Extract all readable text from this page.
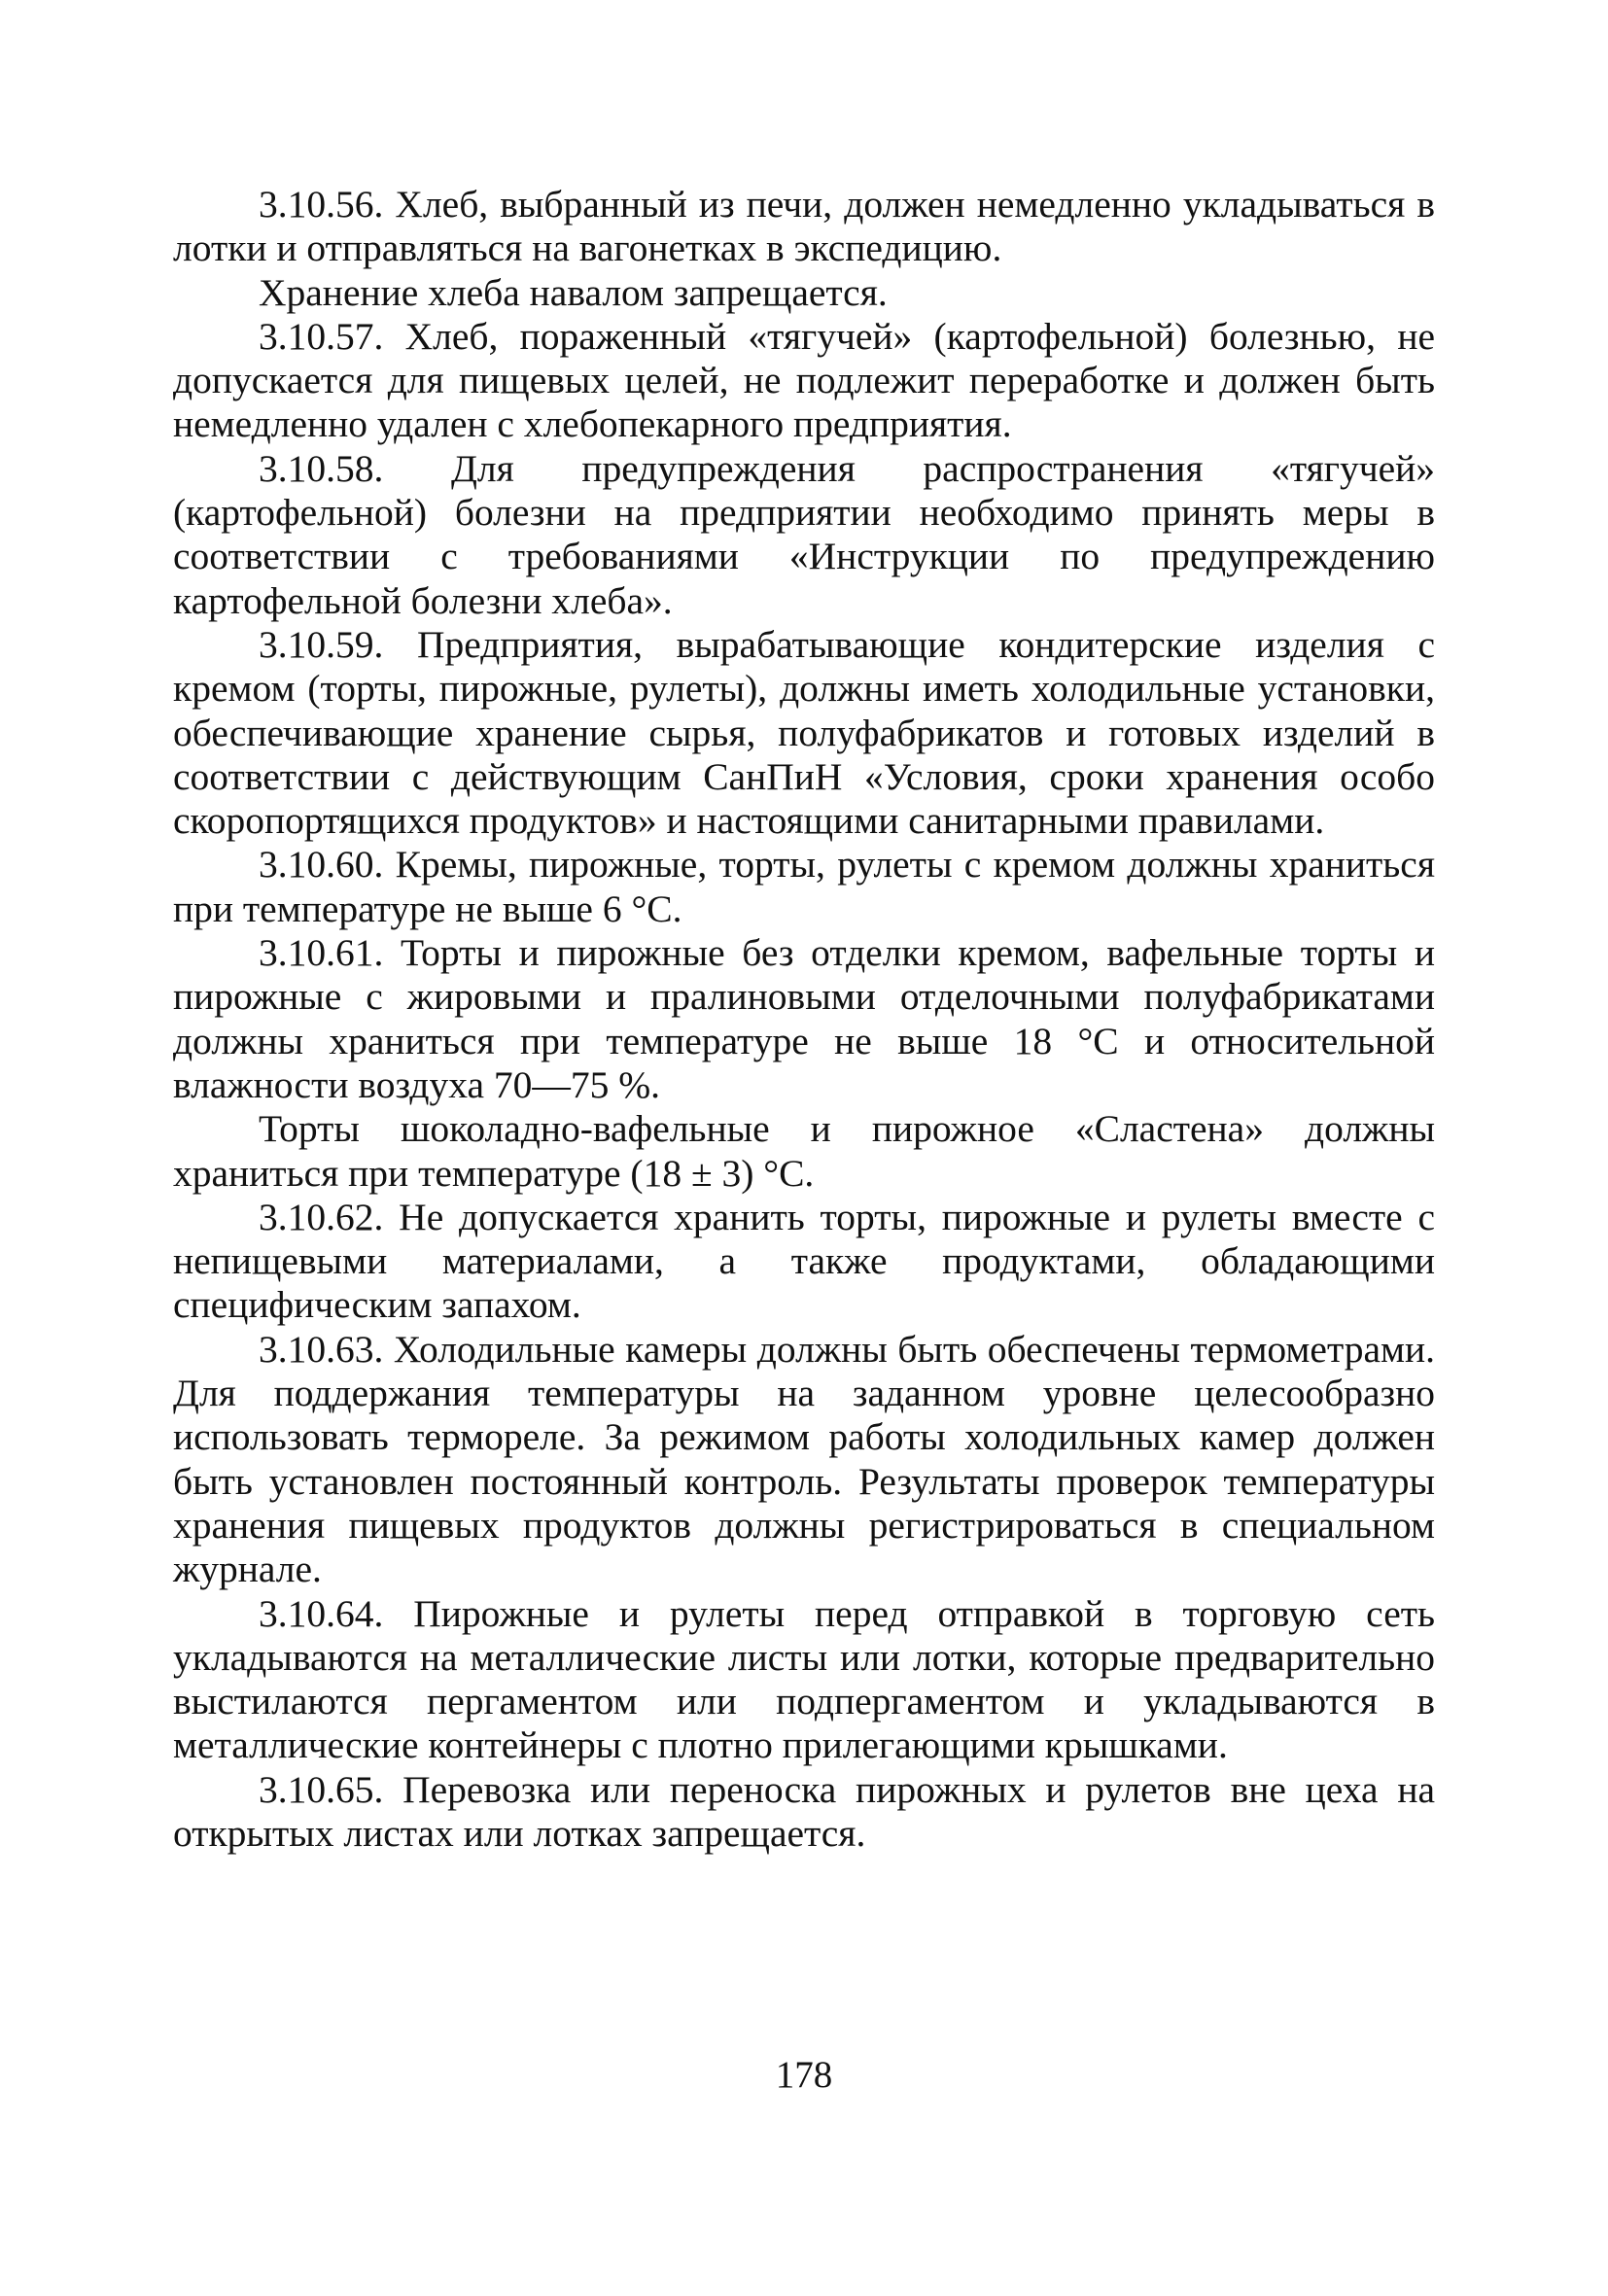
3.10.56. Хлеб, выбранный из печи, должен немедленно укладываться в лотки и отправляться на вагонетках в экспедицию.

Хранение хлеба навалом запрещается.

3.10.57. Хлеб, пораженный «тягучей» (картофельной) болезнью, не допускается для пищевых целей, не подлежит переработке и должен быть немедленно удален с хлебопекарного предприятия.

3.10.58. Для предупреждения распространения «тягучей» (картофельной) болезни на предприятии необходимо принять меры в соответствии с требованиями «Инструкции по предупреждению картофельной болезни хлеба».

3.10.59. Предприятия, вырабатывающие кондитерские изделия с кремом (торты, пирожные, рулеты), должны иметь холодильные установки, обеспечивающие хранение сырья, полуфабрикатов и готовых изделий в соответствии с действующим СанПиН «Условия, сроки хранения особо скоропортящихся продуктов» и настоящими санитарными правилами.

3.10.60. Кремы, пирожные, торты, рулеты с кремом должны храниться при температуре не выше 6 °С.

3.10.61. Торты и пирожные без отделки кремом, вафельные торты и пирожные с жировыми и пралиновыми отделочными полуфабрикатами должны храниться при температуре не выше 18 °С и относительной влажности воздуха 70—75 %.

Торты шоколадно-вафельные и пирожное «Сластена» должны храниться при температуре (18 ± 3) °С.

3.10.62. Не допускается хранить торты, пирожные и рулеты вместе с непищевыми материалами, а также продуктами, обладающими специфическим запахом.

3.10.63. Холодильные камеры должны быть обеспечены термометрами. Для поддержания температуры на заданном уровне целесообразно использовать термореле. За режимом работы холодильных камер должен быть установлен постоянный контроль. Результаты проверок температуры хранения пищевых продуктов должны регистрироваться в специальном журнале.

3.10.64. Пирожные и рулеты перед отправкой в торговую сеть укладываются на металлические листы или лотки, которые предварительно выстилаются пергаментом или подпергаментом и укладываются в металлические контейнеры с плотно прилегающими крышками.

3.10.65. Перевозка или переноска пирожных и рулетов вне цеха на открытых листах или лотках запрещается.

178
